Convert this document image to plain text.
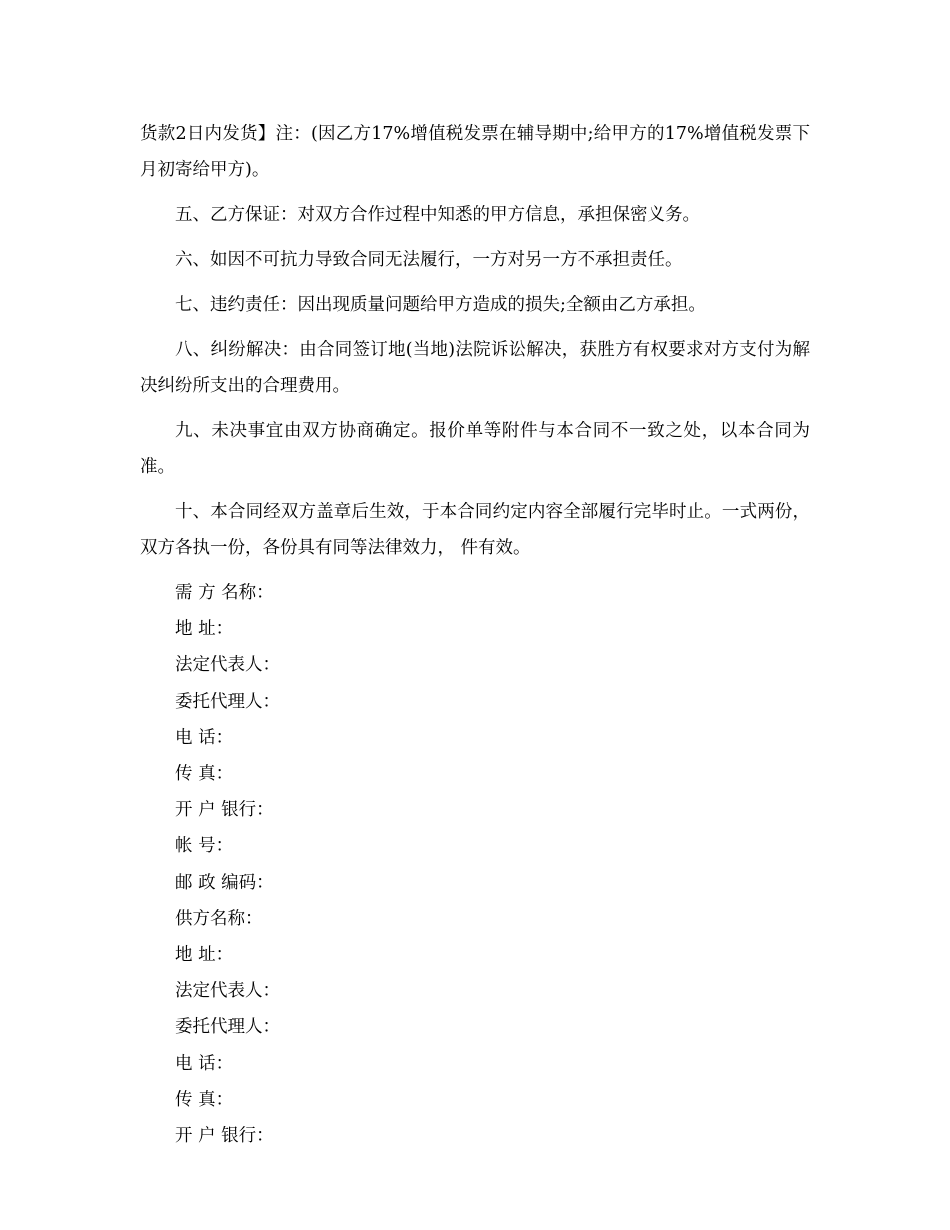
货款2日内发货】注：(因乙方17%增值税发票在辅导期中;给甲方的17%增值税发票下月初寄给甲方)。

五、乙方保证：对双方合作过程中知悉的甲方信息，承担保密义务。

六、如因不可抗力导致合同无法履行，一方对另一方不承担责任。

七、违约责任：因出现质量问题给甲方造成的损失;全额由乙方承担。

八、纠纷解决：由合同签订地(当地)法院诉讼解决，获胜方有权要求对方支付为解决纠纷所支出的合理费用。

九、未决事宜由双方协商确定。报价单等附件与本合同不一致之处，以本合同为准。

十、本合同经双方盖章后生效，于本合同约定内容全部履行完毕时止。一式两份，双方各执一份，各份具有同等法律效力， 件有效。

需 方 名称：

地 址：

法定代表人：

委托代理人：

电 话：

传 真：

开 户 银行：

帐 号：

邮 政 编码：

供方名称：

地 址：

法定代表人：

委托代理人：

电 话：

传 真：

开 户 银行：
